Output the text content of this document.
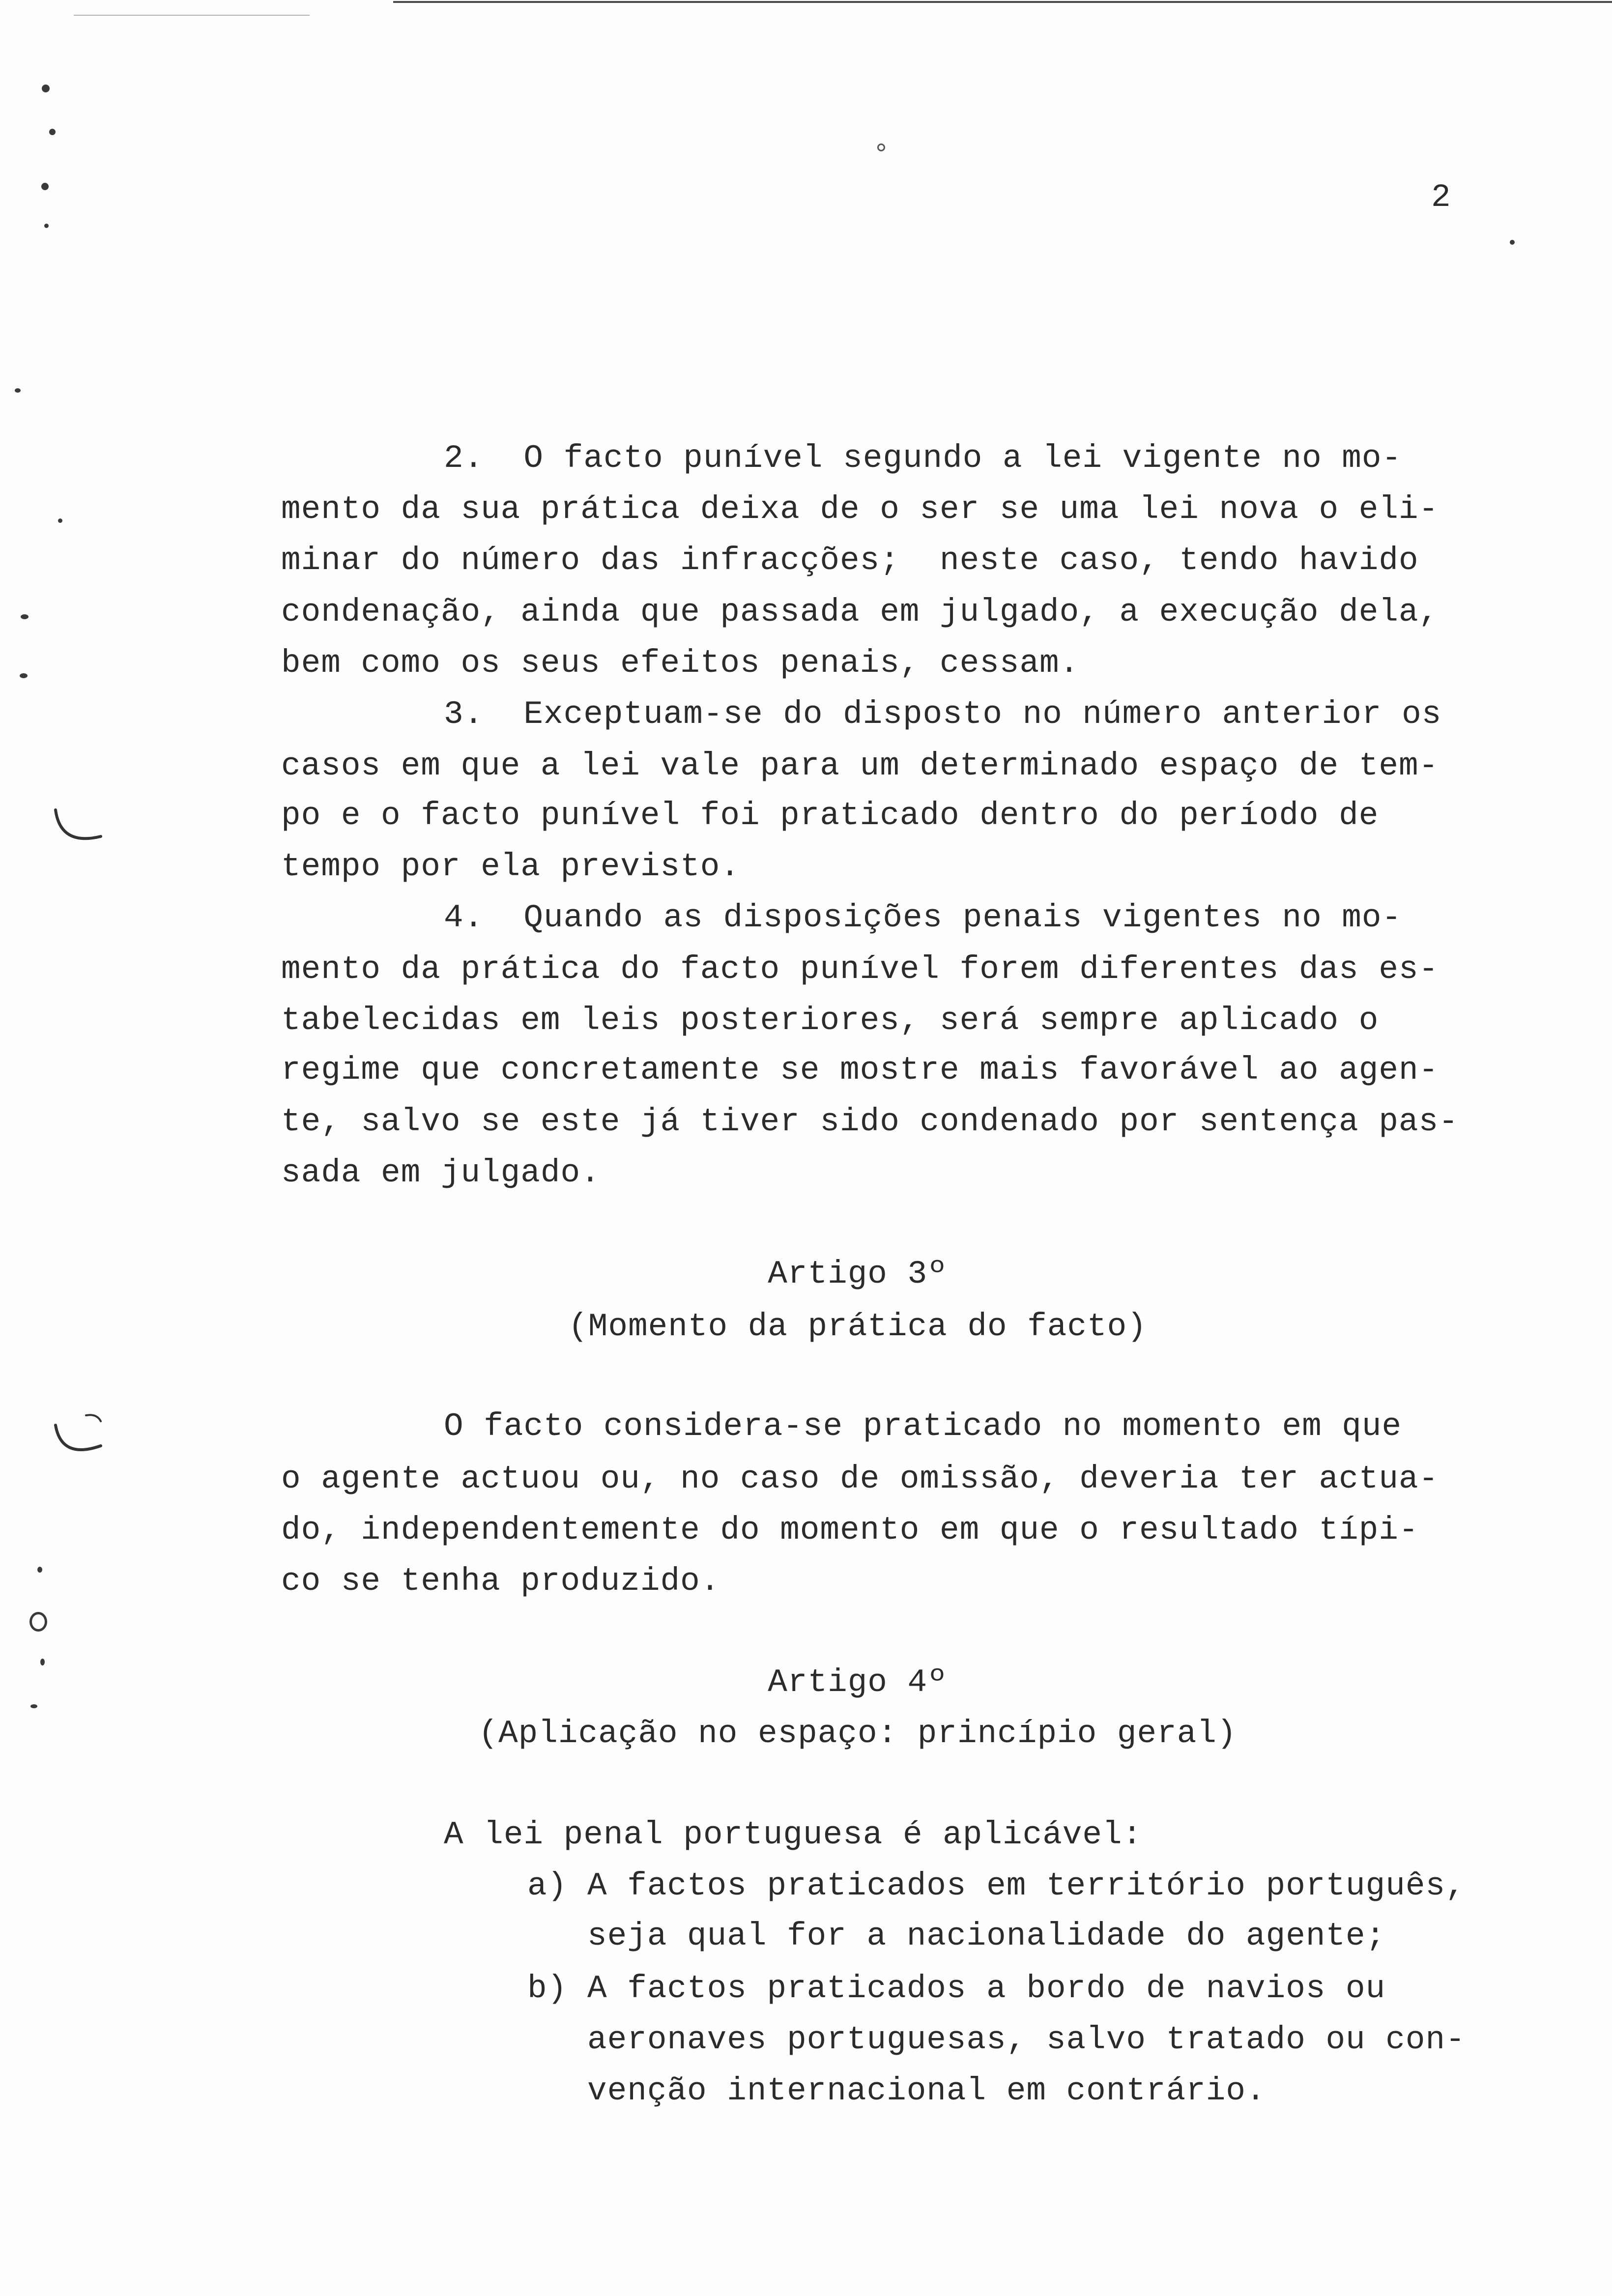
2
2.  O facto punível segundo a lei vigente no mo-
mento da sua prática deixa de o ser se uma lei nova o eli-
minar do número das infracções;  neste caso, tendo havido
condenação, ainda que passada em julgado, a execução dela,
bem como os seus efeitos penais, cessam.
3.  Exceptuam-se do disposto no número anterior os
casos em que a lei vale para um determinado espaço de tem-
po e o facto punível foi praticado dentro do período de
tempo por ela previsto.
4.  Quando as disposições penais vigentes no mo-
mento da prática do facto punível forem diferentes das es-
tabelecidas em leis posteriores, será sempre aplicado o
regime que concretamente se mostre mais favorável ao agen-
te, salvo se este já tiver sido condenado por sentença pas-
sada em julgado.
Artigo 3º
(Momento da prática do facto)
O facto considera-se praticado no momento em que
o agente actuou ou, no caso de omissão, deveria ter actua-
do, independentemente do momento em que o resultado típi-
co se tenha produzido.
Artigo 4º
(Aplicação no espaço: princípio geral)
A lei penal portuguesa é aplicável:
a) A factos praticados em território português,
seja qual for a nacionalidade do agente;
b) A factos praticados a bordo de navios ou
aeronaves portuguesas, salvo tratado ou con-
venção internacional em contrário.
